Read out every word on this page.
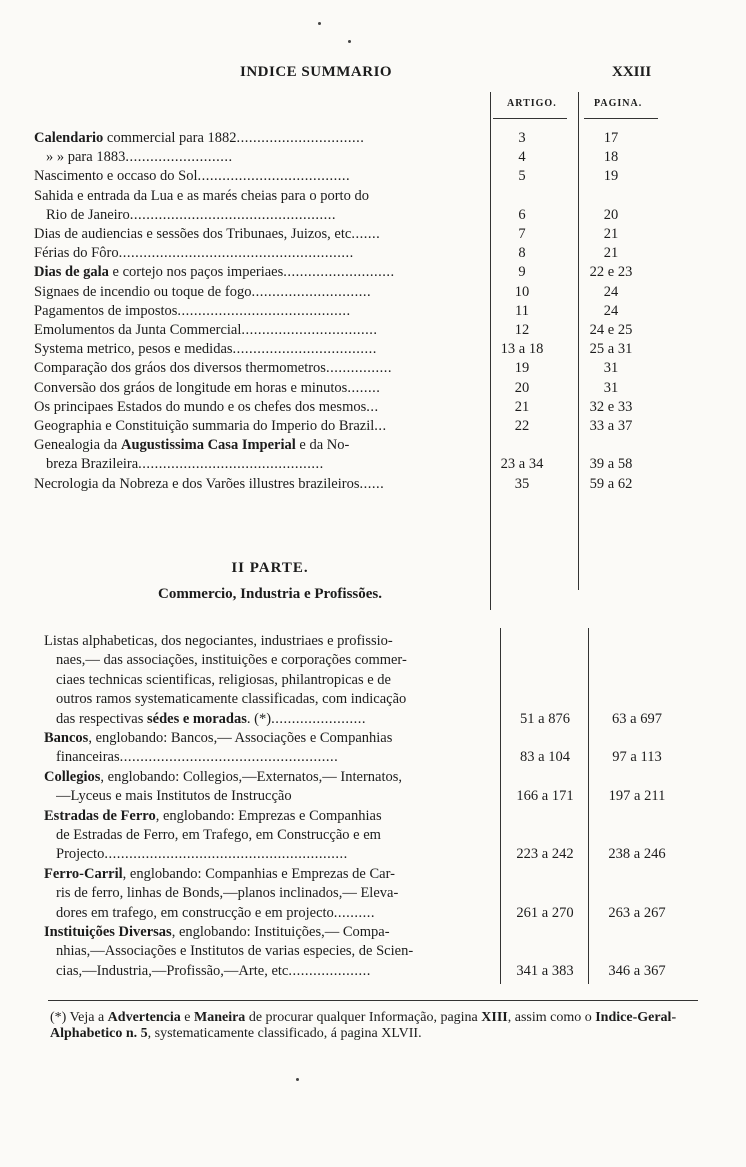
INDICE SUMMARIO	XXIII
ARTIGO.	PAGINA.
Calendario commercial para 1882...............................	3	17
» » para 1883..........................	4	18
Nascimento e occaso do Sol.....................................	5	19
Sahida e entrada da Lua e as marés cheias para o porto do
Rio de Janeiro..................................................	6	20
Dias de audiencias e sessões dos Tribunaes, Juizos, etc.......	7	21
Férias do Fôro.........................................................	8	21
Dias de gala e cortejo nos paços imperiaes...........................	9	22 e 23
Signaes de incendio ou toque de fogo.............................	10	24
Pagamentos de impostos..........................................	11	24
Emolumentos da Junta Commercial.................................	12	24 e 25
Systema metrico, pesos e medidas...................................	13 a 18	25 a 31
Comparação dos gráos dos diversos thermometros................	19	31
Conversão dos gráos de longitude em horas e minutos........	20	31
Os principaes Estados do mundo e os chefes dos mesmos...	21	32 e 33
Geographia e Constituição summaria do Imperio do Brazil...	22	33 a 37
Genealogia da Augustissima Casa Imperial e da No-
breza Brazileira.............................................	23 a 34	39 a 58
Necrologia da Nobreza e dos Varões illustres brazileiros......	35	59 a 62
II PARTE.
Commercio, Industria e Profissões.
Listas alphabeticas, dos negociantes, industriaes e profissio-
naes,— das associações, instituições e corporações commer-
ciaes technicas scientificas, religiosas, philantropicas e de
outros ramos systematicamente classificadas, com indicação
das respectivas sédes e moradas. (*).......................	51 a 876	63 a 697
Bancos, englobando: Bancos,— Associações e Companhias
financeiras.....................................................	83 a 104	97 a 113
Collegios, englobando: Collegios,—Externatos,— Internatos,
—Lyceus e mais Institutos de Instrucção	166 a 171	197 a 211
Estradas de Ferro, englobando: Emprezas e Companhias
de Estradas de Ferro, em Trafego, em Construcção e em
Projecto...........................................................	223 a 242	238 a 246
Ferro-Carril, englobando: Companhias e Emprezas de Car-
ris de ferro, linhas de Bonds,—planos inclinados,— Eleva-
dores em trafego, em construcção e em projecto..........	261 a 270	263 a 267
Instituições Diversas, englobando: Instituições,— Compa-
nhias,—Associações e Institutos de varias especies, de Scien-
cias,—Industria,—Profissão,—Arte, etc....................	341 a 383	346 a 367
(*) Veja a Advertencia e Maneira de procurar qualquer Informação, pagina XIII, assim como o Indice-Geral-Alphabetico n. 5, systematicamente classificado, á pagina XLVII.
